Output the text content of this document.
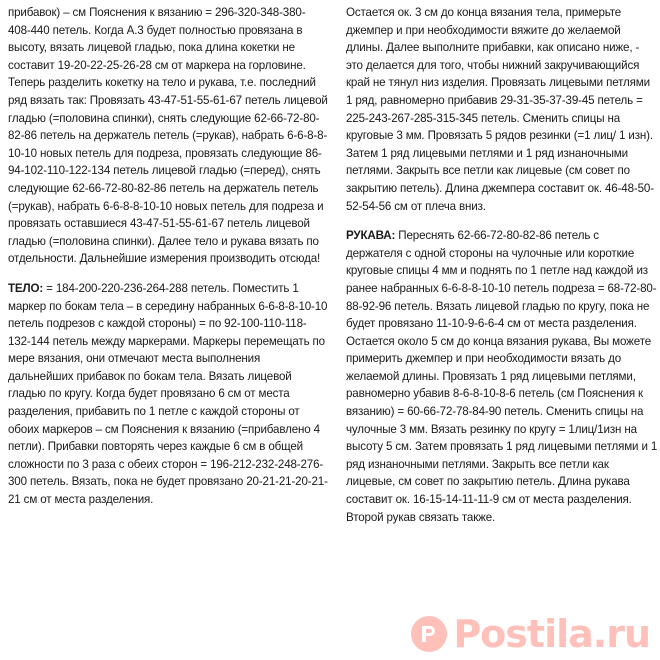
прибавок) – см Пояснения к вязанию = 296-320-348-380-408-440 петель. Когда А.3 будет полностью провязана в высоту, вязать лицевой гладью, пока длина кокетки не составит 19-20-22-25-26-28 см от маркера на горловине. Теперь разделить кокетку на тело и рукава, т.е. последний ряд вязать так: Провязать 43-47-51-55-61-67 петель лицевой гладью (=половина спинки), снять следующие 62-66-72-80-82-86 петель на держатель петель (=рукав), набрать 6-6-8-8-10-10 новых петель для подреза, провязать следующие 86-94-102-110-122-134 петель лицевой гладью (=перед), снять следующие 62-66-72-80-82-86 петель на держатель петель (=рукав), набрать 6-6-8-8-10-10 новых петель для подреза и провязать оставшиеся 43-47-51-55-61-67 петель лицевой гладью (=половина спинки). Далее тело и рукава вязать по отдельности. Дальнейшие измерения производить отсюда!

ТЕЛО: = 184-200-220-236-264-288 петель. Поместить 1 маркер по бокам тела – в середину набранных 6-6-8-8-10-10 петель подрезов с каждой стороны) = по 92-100-110-118-132-144 петель между маркерами. Маркеры перемещать по мере вязания, они отмечают места выполнения дальнейших прибавок по бокам тела. Вязать лицевой гладью по кругу. Когда будет провязано 6 см от места разделения, прибавить по 1 петле с каждой стороны от обоих маркеров – см Пояснения к вязанию (=прибавлено 4 петли). Прибавки повторять через каждые 6 см в общей сложности по 3 раза с обеих сторон = 196-212-232-248-276-300 петель. Вязать, пока не будет провязано 20-21-21-20-21-21 см от места разделения.

Остается ок. 3 см до конца вязания тела, примерьте джемпер и при необходимости вяжите до желаемой длины. Далее выполните прибавки, как описано ниже, - это делается для того, чтобы нижний закручивающийся край не тянул низ изделия. Провязать лицевыми петлями 1 ряд, равномерно прибавив 29-31-35-37-39-45 петель = 225-243-267-285-315-345 петель. Сменить спицы на круговые 3 мм. Провязать 5 рядов резинки (=1 лиц/ 1 изн). Затем 1 ряд лицевыми петлями и 1 ряд изнаночными петлями. Закрыть все петли как лицевые (см совет по закрытию петель). Длина джемпера составит ок. 46-48-50-52-54-56 см от плеча вниз.

РУКАВА: Переснять 62-66-72-80-82-86 петель с держателя с одной стороны на чулочные или короткие круговые спицы 4 мм и поднять по 1 петле над каждой из ранее набранных 6-6-8-8-10-10 петель подреза = 68-72-80-88-92-96 петель. Вязать лицевой гладью по кругу, пока не будет провязано 11-10-9-6-6-4 см от места разделения. Остается около 5 см до конца вязания рукава, Вы можете примерить джемпер и при необходимости вязать до желаемой длины. Провязать 1 ряд лицевыми петлями, равномерно убавив 8-6-8-10-8-6 петель (см Пояснения к вязанию) = 60-66-72-78-84-90 петель. Сменить спицы на чулочные 3 мм. Вязать резинку по кругу = 1лиц/1изн на высоту 5 см. Затем провязать 1 ряд лицевыми петлями и 1 ряд изнаночными петлями. Закрыть все петли как лицевые, см совет по закрытию петель. Длина рукава составит ок. 16-15-14-11-11-9 см от места разделения. Второй рукав связать также.

Postila.ru
